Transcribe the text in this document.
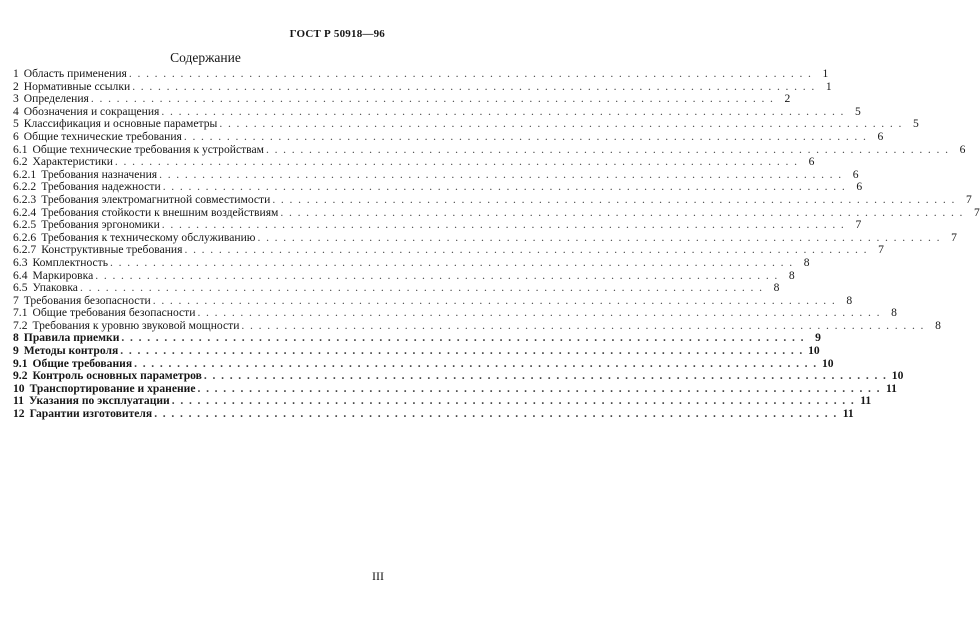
ГОСТ Р 50918—96
Содержание
1 Область применения . . .	1
2 Нормативные ссылки . . .	1
3 Определения . . .	2
4 Обозначения и сокращения . . .	5
5 Классификация и основные параметры . . .	5
6 Общие технические требования . . .	6
6.1 Общие технические требования к устройствам . . .	6
6.2 Характеристики . . .	6
6.2.1 Требования назначения . . .	6
6.2.2 Требования надежности . . .	6
6.2.3 Требования электромагнитной совместимости . . .	7
6.2.4 Требования стойкости к внешним воздействиям . . .	7
6.2.5 Требования эргономики . . .	7
6.2.6 Требования к техническому обслуживанию . . .	7
6.2.7 Конструктивные требования . . .	7
6.3 Комплектность . . .	8
6.4 Маркировка . . .	8
6.5 Упаковка . . .	8
7 Требования безопасности . . .	8
7.1 Общие требования безопасности . . .	8
7.2 Требования к уровню звуковой мощности . . .	8
8 Правила приемки . . .	9
9 Методы контроля . . .	10
9.1 Общие требования . . .	10
9.2 Контроль основных параметров . . .	10
10 Транспортирование и хранение . . .	11
11 Указания по эксплуатации . . .	11
12 Гарантии изготовителя . . .	11
III
